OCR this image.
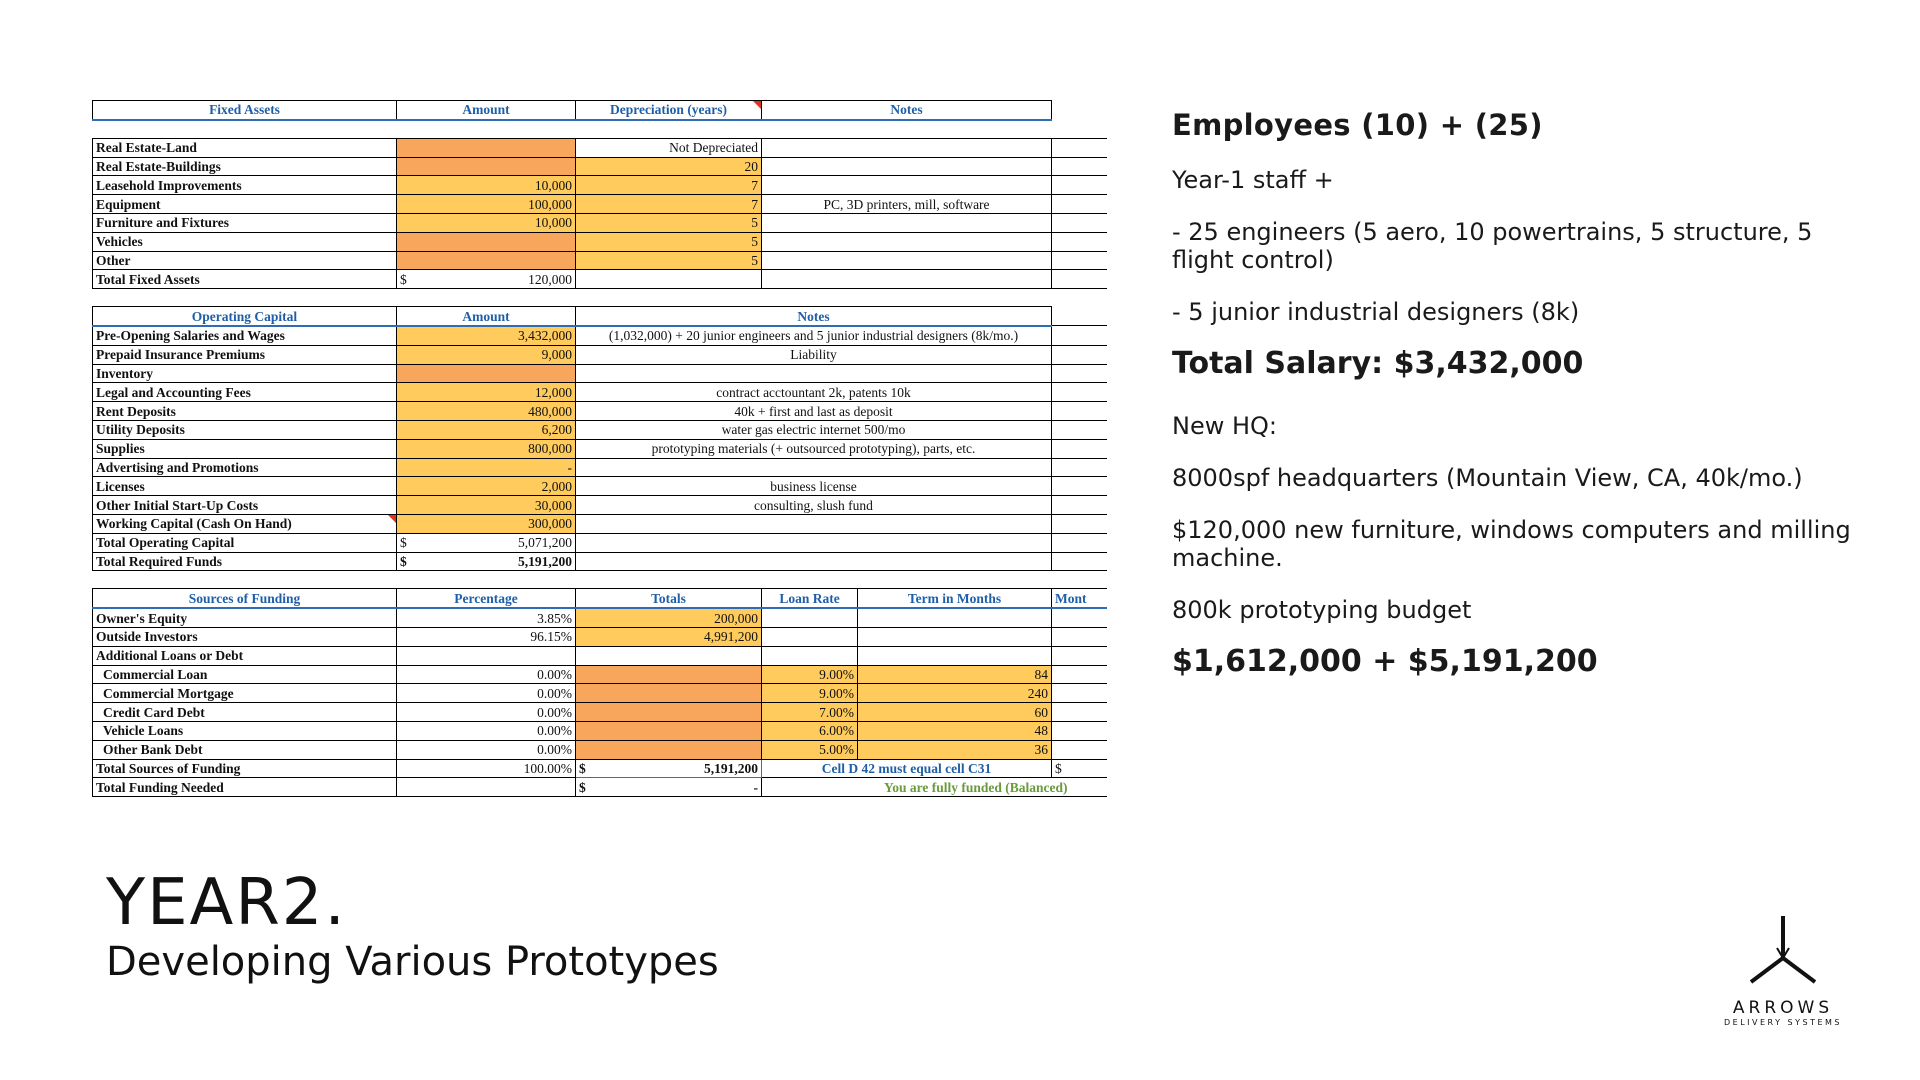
Fixed Assets	Amount	Depreciation (years)	Notes		

Real Estate-Land		Not Depreciated			
Real Estate-Buildings		20			
Leasehold Improvements	10,000	7			
Equipment	100,000	7	PC, 3D printers, mill, software		
Furniture and Fixtures	10,000	5			
Vehicles		5			
Other		5			
Total Fixed Assets	$ 120,000				

Operating Capital	Amount	Notes			
Pre-Opening Salaries and Wages	3,432,000	(1,032,000) + 20 junior engineers and 5 junior industrial designers (8k/mo.)			
Prepaid Insurance Premiums	9,000	Liability			
Inventory					
Legal and Accounting Fees	12,000	contract acctountant 2k, patents 10k			
Rent Deposits	480,000	40k + first and last as deposit			
Utility Deposits	6,200	water gas electric internet 500/mo			
Supplies	800,000	prototyping materials (+ outsourced prototyping), parts, etc.			
Advertising and Promotions	-				
Licenses	2,000	business license			
Other Initial Start-Up Costs	30,000	consulting, slush fund			
Working Capital (Cash On Hand)	300,000				
Total Operating Capital	$ 5,071,200				

Total Required Funds	$ 5,191,200				

Sources of Funding	Percentage	Totals	Loan Rate	Term in Months	Mont
Owner's Equity	3.85%	200,000			
Outside Investors	96.15%	4,991,200			
Additional Loans or Debt					
Commercial Loan	0.00%		9.00%	84	
Commercial Mortgage	0.00%		9.00%	240	
Credit Card Debt	0.00%		7.00%	60	
Vehicle Loans	0.00%		6.00%	48	
Other Bank Debt	0.00%		5.00%	36	
Total Sources of Funding	100.00%	$ 5,191,200	Cell D 42 must equal cell C31		$
Total Funding Needed		$ -	You are fully funded (Balanced)		
Employees (10) + (25)

Year-1 staff +

- 25 engineers (5 aero, 10 powertrains, 5 structure, 5 flight control)

- 5 junior industrial designers (8k)

Total Salary: $3,432,000

New HQ:

8000spf headquarters (Mountain View, CA, 40k/mo.)

$120,000 new furniture, windows computers and milling machine.

800k prototyping budget

$1,612,000 + $5,191,200

YEAR2.
Developing Various Prototypes
ARROWS
DELIVERY SYSTEMS
